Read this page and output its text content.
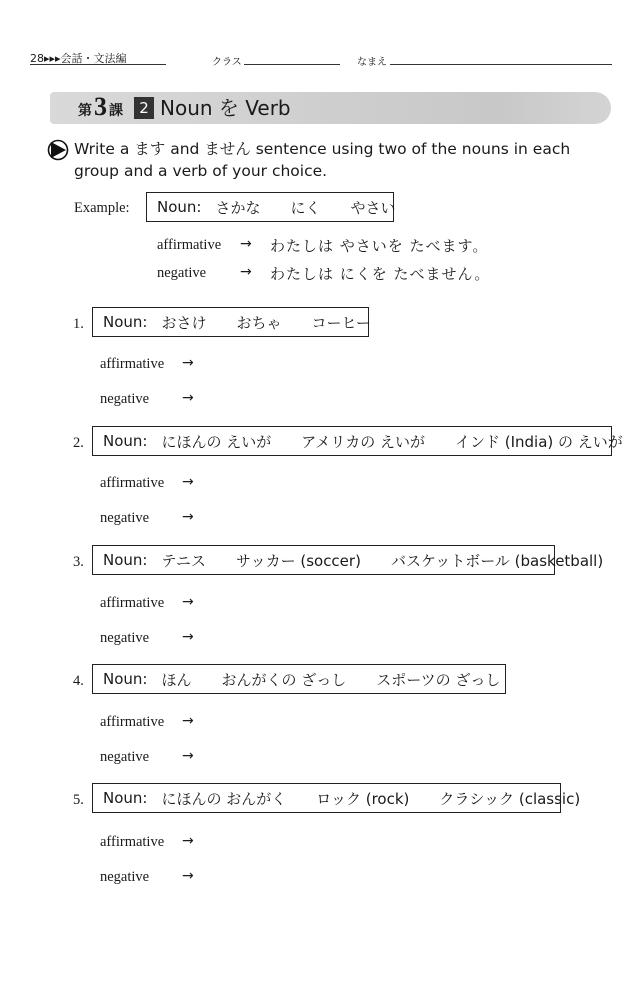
28▸▸▸会話・文法編	クラス	なまえ
第 3 課	2 Noun を Verb
Write a ます and ません sentence using two of the nouns in each group and a verb of your choice.
Example: Noun: さかな にく やさい
affirmative → わたしは やさいを たべます。
negative → わたしは にくを たべません。
1. Noun: おさけ おちゃ コーヒー
affirmative →
negative →
2. Noun: にほんの えいが アメリカの えいが インド (India) の えいが
affirmative →
negative →
3. Noun: テニス サッカー (soccer) バスケットボール (basketball)
affirmative →
negative →
4. Noun: ほん おんがくの ざっし スポーツの ざっし
affirmative →
negative →
5. Noun: にほんの おんがく ロック (rock) クラシック (classic)
affirmative →
negative →
